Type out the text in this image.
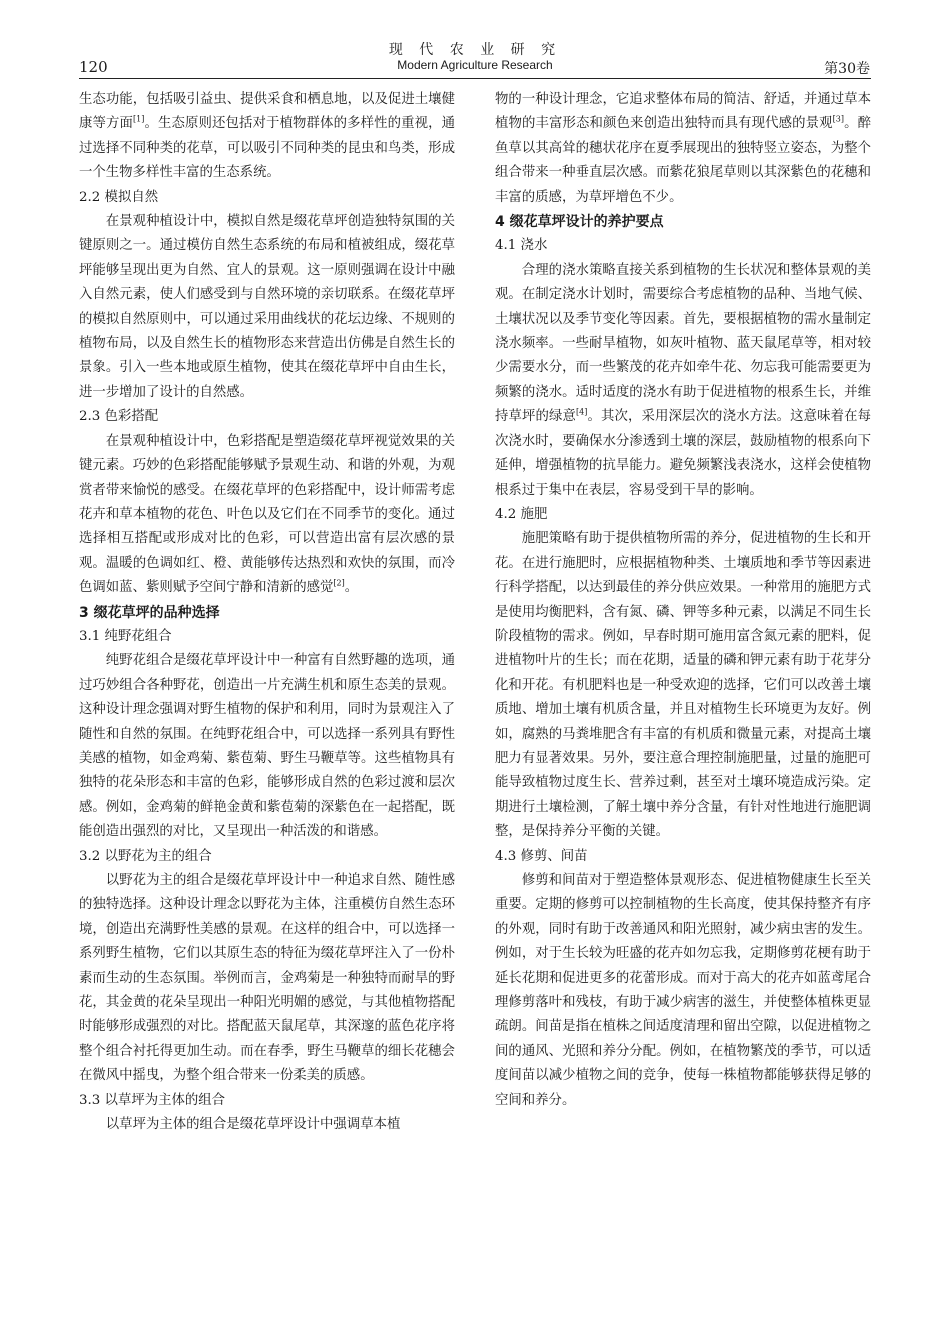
120
现 代 农 业 研 究
Modern Agriculture Research	第30卷

生态功能，包括吸引益虫、提供采食和栖息地，以及促进土壤健康等方面[1]。生态原则还包括对于植物群体的多样性的重视，通过选择不同种类的花草，可以吸引不同种类的昆虫和鸟类，形成一个生物多样性丰富的生态系统。

2.2 模拟自然

在景观种植设计中，模拟自然是缀花草坪创造独特氛围的关键原则之一。通过模仿自然生态系统的布局和植被组成，缀花草坪能够呈现出更为自然、宜人的景观。这一原则强调在设计中融入自然元素，使人们感受到与自然环境的亲切联系。在缀花草坪的模拟自然原则中，可以通过采用曲线状的花坛边缘、不规则的植物布局，以及自然生长的植物形态来营造出仿佛是自然生长的景象。引入一些本地或原生植物，使其在缀花草坪中自由生长，进一步增加了设计的自然感。

2.3 色彩搭配

在景观种植设计中，色彩搭配是塑造缀花草坪视觉效果的关键元素。巧妙的色彩搭配能够赋予景观生动、和谐的外观，为观赏者带来愉悦的感受。在缀花草坪的色彩搭配中，设计师需考虑花卉和草本植物的花色、叶色以及它们在不同季节的变化。通过选择相互搭配或形成对比的色彩，可以营造出富有层次感的景观。温暖的色调如红、橙、黄能够传达热烈和欢快的氛围，而冷色调如蓝、紫则赋予空间宁静和清新的感觉[2]。

3 缀花草坪的品种选择
3.1 纯野花组合

纯野花组合是缀花草坪设计中一种富有自然野趣的选项，通过巧妙组合各种野花，创造出一片充满生机和原生态美的景观。这种设计理念强调对野生植物的保护和利用，同时为景观注入了随性和自然的氛围。在纯野花组合中，可以选择一系列具有野性美感的植物，如金鸡菊、紫苞菊、野生马鞭草等。这些植物具有独特的花朵形态和丰富的色彩，能够形成自然的色彩过渡和层次感。例如，金鸡菊的鲜艳金黄和紫苞菊的深紫色在一起搭配，既能创造出强烈的对比，又呈现出一种活泼的和谐感。

3.2 以野花为主的组合

以野花为主的组合是缀花草坪设计中一种追求自然、随性感的独特选择。这种设计理念以野花为主体，注重模仿自然生态环境，创造出充满野性美感的景观。在这样的组合中，可以选择一系列野生植物，它们以其原生态的特征为缀花草坪注入了一份朴素而生动的生态氛围。举例而言，金鸡菊是一种独特而耐旱的野花，其金黄的花朵呈现出一种阳光明媚的感觉，与其他植物搭配时能够形成强烈的对比。搭配蓝天鼠尾草，其深邃的蓝色花序将整个组合衬托得更加生动。而在春季，野生马鞭草的细长花穗会在微风中摇曳，为整个组合带来一份柔美的质感。

3.3 以草坪为主体的组合

以草坪为主体的组合是缀花草坪设计中强调草本植

物的一种设计理念，它追求整体布局的简洁、舒适，并通过草本植物的丰富形态和颜色来创造出独特而具有现代感的景观[3]。醉鱼草以其高耸的穗状花序在夏季展现出的独特竖立姿态，为整个组合带来一种垂直层次感。而紫花狼尾草则以其深紫色的花穗和丰富的质感，为草坪增色不少。

4 缀花草坪设计的养护要点
4.1 浇水

合理的浇水策略直接关系到植物的生长状况和整体景观的美观。在制定浇水计划时，需要综合考虑植物的品种、当地气候、土壤状况以及季节变化等因素。首先，要根据植物的需水量制定浇水频率。一些耐旱植物，如灰叶植物、蓝天鼠尾草等，相对较少需要水分，而一些繁茂的花卉如牵牛花、勿忘我可能需要更为频繁的浇水。适时适度的浇水有助于促进植物的根系生长，并维持草坪的绿意[4]。其次，采用深层次的浇水方法。这意味着在每次浇水时，要确保水分渗透到土壤的深层，鼓励植物的根系向下延伸，增强植物的抗旱能力。避免频繁浅表浇水，这样会使植物根系过于集中在表层，容易受到干旱的影响。

4.2 施肥

施肥策略有助于提供植物所需的养分，促进植物的生长和开花。在进行施肥时，应根据植物种类、土壤质地和季节等因素进行科学搭配，以达到最佳的养分供应效果。一种常用的施肥方式是使用均衡肥料，含有氮、磷、钾等多种元素，以满足不同生长阶段植物的需求。例如，早春时期可施用富含氮元素的肥料，促进植物叶片的生长；而在花期，适量的磷和钾元素有助于花芽分化和开花。有机肥料也是一种受欢迎的选择，它们可以改善土壤质地、增加土壤有机质含量，并且对植物生长环境更为友好。例如，腐熟的马粪堆肥含有丰富的有机质和微量元素，对提高土壤肥力有显著效果。另外，要注意合理控制施肥量，过量的施肥可能导致植物过度生长、营养过剩，甚至对土壤环境造成污染。定期进行土壤检测，了解土壤中养分含量，有针对性地进行施肥调整，是保持养分平衡的关键。

4.3 修剪、间苗

修剪和间苗对于塑造整体景观形态、促进植物健康生长至关重要。定期的修剪可以控制植物的生长高度，使其保持整齐有序的外观，同时有助于改善通风和阳光照射，减少病虫害的发生。例如，对于生长较为旺盛的花卉如勿忘我，定期修剪花梗有助于延长花期和促进更多的花蕾形成。而对于高大的花卉如蓝鸢尾合理修剪落叶和残枝，有助于减少病害的滋生，并使整体植株更显疏朗。间苗是指在植株之间适度清理和留出空隙，以促进植物之间的通风、光照和养分分配。例如，在植物繁茂的季节，可以适度间苗以减少植物之间的竞争，使每一株植物都能够获得足够的空间和养分。
